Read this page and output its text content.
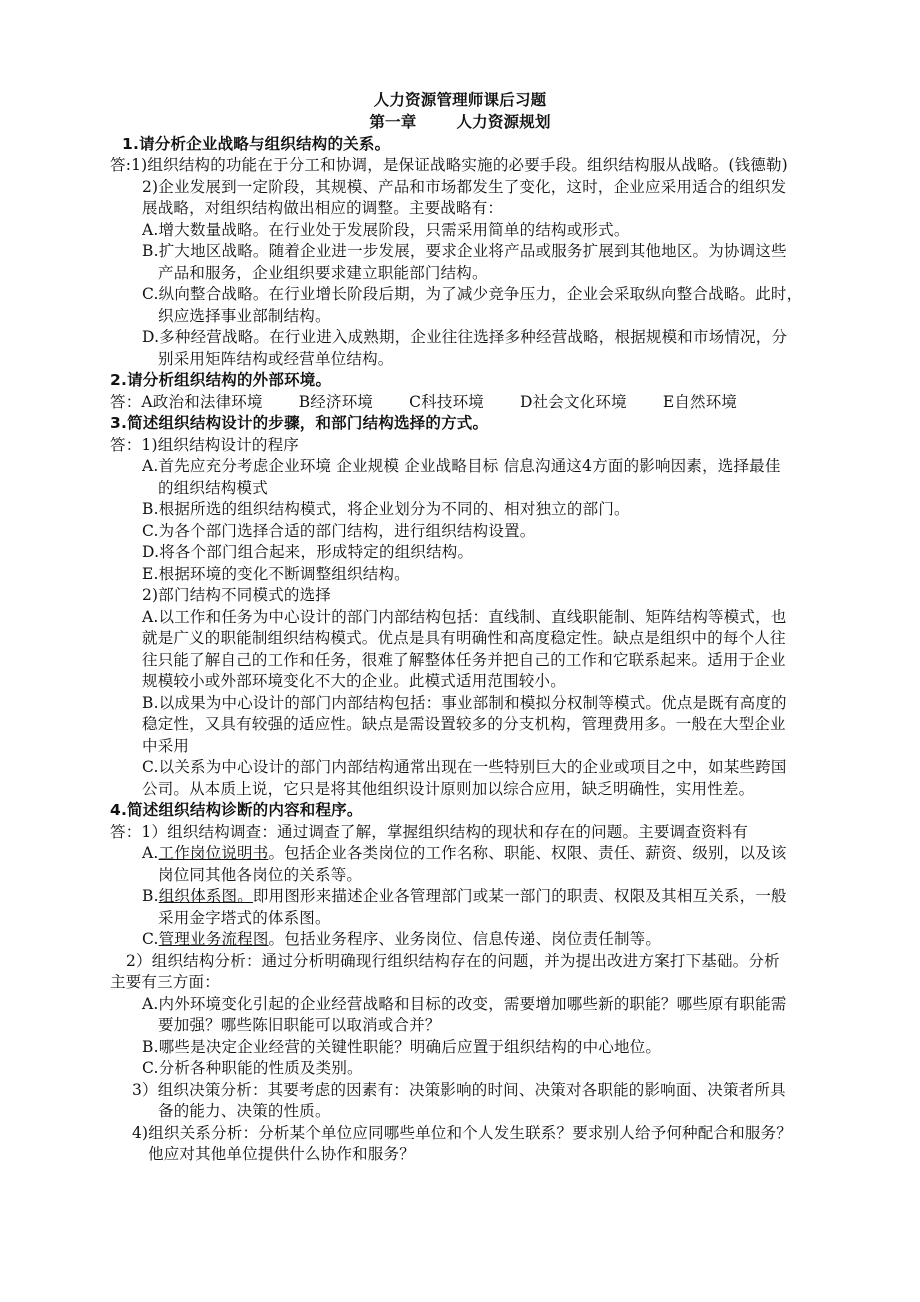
人力资源管理师课后习题
第一章	人力资源规划
1.请分析企业战略与组织结构的关系。
答:1)组织结构的功能在于分工和协调，是保证战略实施的必要手段。组织结构服从战略。(钱德勒)
2)企业发展到一定阶段，其规模、产品和市场都发生了变化，这时，企业应采用适合的组织发
展战略，对组织结构做出相应的调整。主要战略有：
A.增大数量战略。在行业处于发展阶段，只需采用简单的结构或形式。
B.扩大地区战略。随着企业进一步发展，要求企业将产品或服务扩展到其他地区。为协调这些
产品和服务，企业组织要求建立职能部门结构。
C.纵向整合战略。在行业增长阶段后期，为了减少竞争压力，企业会采取纵向整合战略。此时，
织应选择事业部制结构。
D.多种经营战略。在行业进入成熟期，企业往往选择多种经营战略，根据规模和市场情况，分
别采用矩阵结构或经营单位结构。
2.请分析组织结构的外部环境。
答：A政治和法律环境 B经济环境 C科技环境 D社会文化环境 E自然环境
3.简述组织结构设计的步骤，和部门结构选择的方式。
答：1)组织结构设计的程序
A.首先应充分考虑企业环境 企业规模 企业战略目标 信息沟通这4方面的影响因素，选择最佳
的组织结构模式
B.根据所选的组织结构模式，将企业划分为不同的、相对独立的部门。
C.为各个部门选择合适的部门结构，进行组织结构设置。
D.将各个部门组合起来，形成特定的组织结构。
E.根据环境的变化不断调整组织结构。
2)部门结构不同模式的选择
A.以工作和任务为中心设计的部门内部结构包括：直线制、直线职能制、矩阵结构等模式，也
就是广义的职能制组织结构模式。优点是具有明确性和高度稳定性。缺点是组织中的每个人往
往只能了解自己的工作和任务，很难了解整体任务并把自己的工作和它联系起来。适用于企业
规模较小或外部环境变化不大的企业。此模式适用范围较小。
B.以成果为中心设计的部门内部结构包括：事业部制和模拟分权制等模式。优点是既有高度的
稳定性，又具有较强的适应性。缺点是需设置较多的分支机构，管理费用多。一般在大型企业
中采用
C.以关系为中心设计的部门内部结构通常出现在一些特别巨大的企业或项目之中，如某些跨国
公司。从本质上说，它只是将其他组织设计原则加以综合应用，缺乏明确性，实用性差。
4.简述组织结构诊断的内容和程序。
答：1）组织结构调查：通过调查了解，掌握组织结构的现状和存在的问题。主要调查资料有
A.工作岗位说明书。包括企业各类岗位的工作名称、职能、权限、责任、薪资、级别，以及该
岗位同其他各岗位的关系等。
B.组织体系图。即用图形来描述企业各管理部门或某一部门的职责、权限及其相互关系，一般
采用金字塔式的体系图。
C.管理业务流程图。包括业务程序、业务岗位、信息传递、岗位责任制等。
2）组织结构分析：通过分析明确现行组织结构存在的问题，并为提出改进方案打下基础。分析
主要有三方面：
A.内外环境变化引起的企业经营战略和目标的改变，需要增加哪些新的职能？哪些原有职能需
要加强？哪些陈旧职能可以取消或合并？
B.哪些是决定企业经营的关键性职能？明确后应置于组织结构的中心地位。
C.分析各种职能的性质及类别。
3）组织决策分析：其要考虑的因素有：决策影响的时间、决策对各职能的影响面、决策者所具
备的能力、决策的性质。
4)组织关系分析：分析某个单位应同哪些单位和个人发生联系？要求别人给予何种配合和服务？
他应对其他单位提供什么协作和服务？
